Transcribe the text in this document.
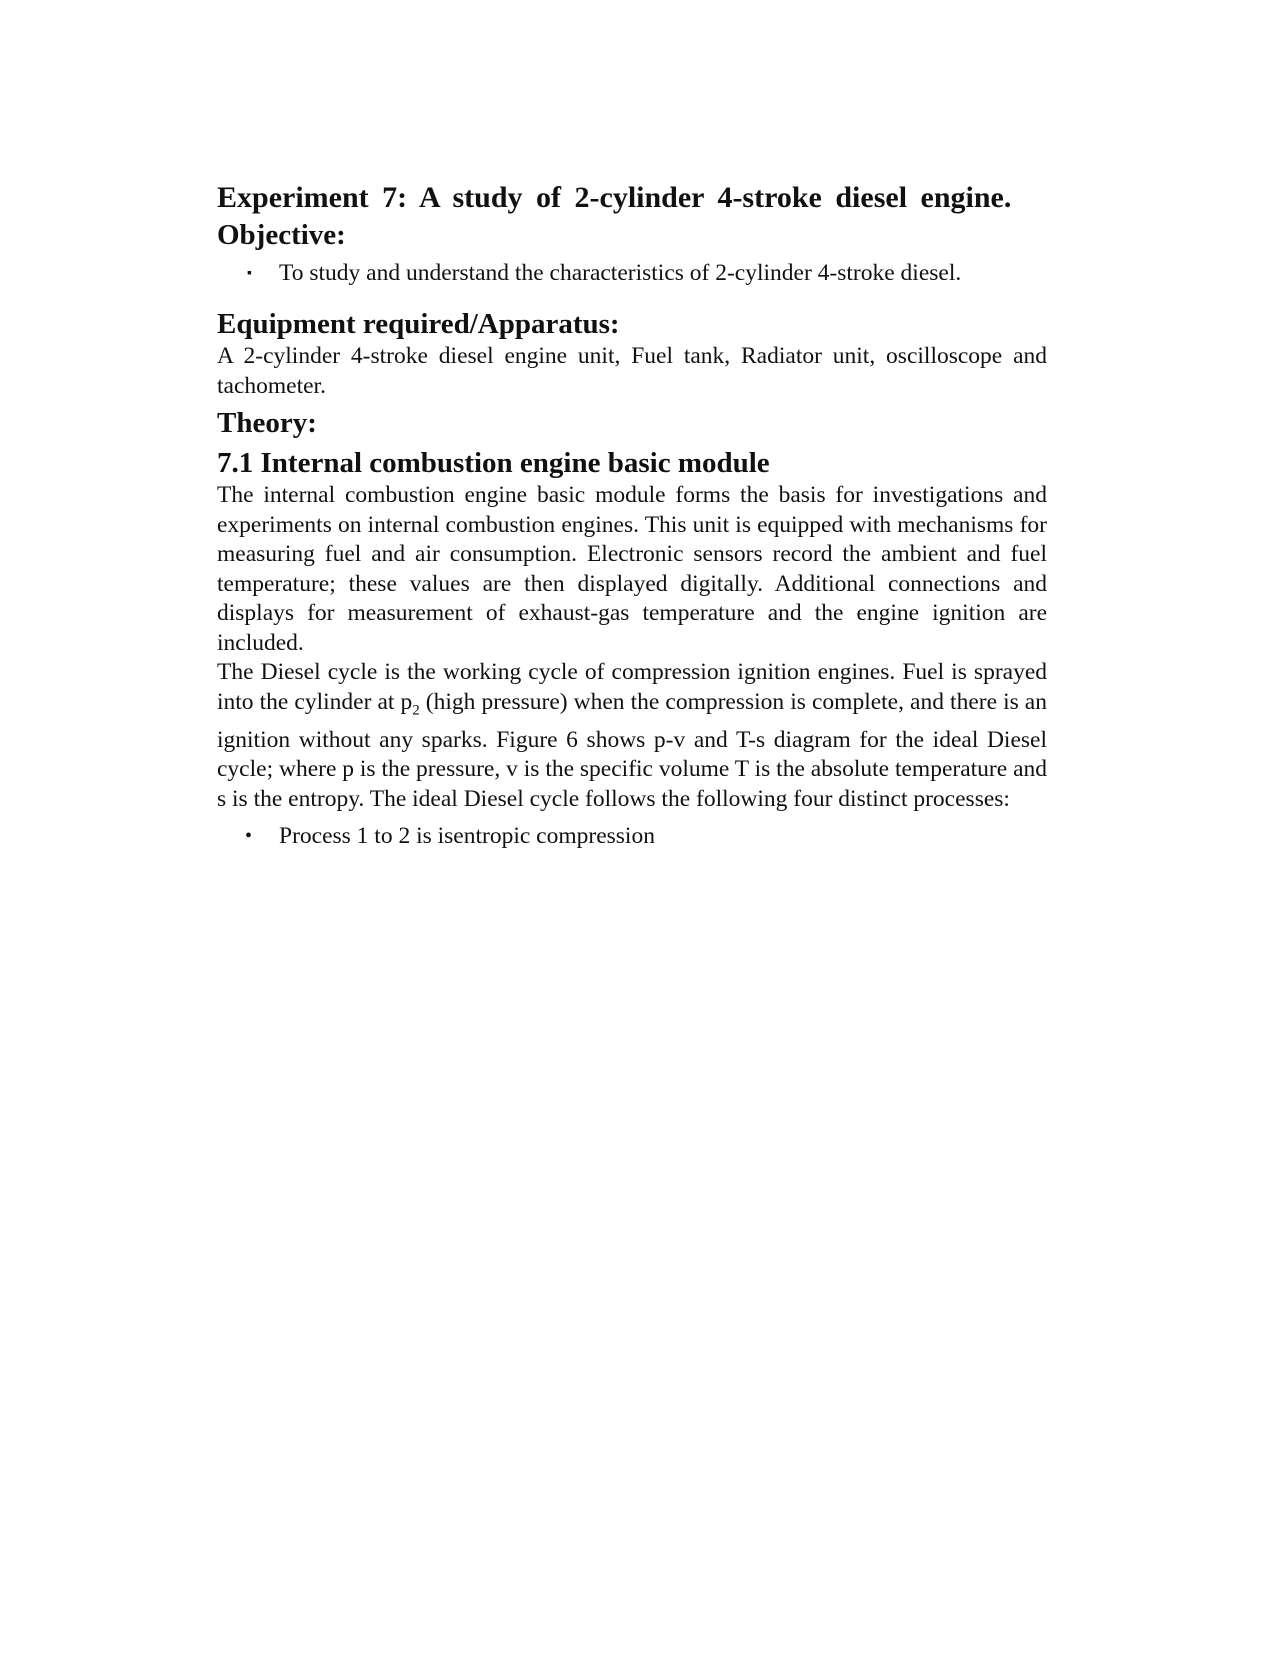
Experiment 7: A study of 2-cylinder 4-stroke diesel engine.
Objective:
▪ To study and understand the characteristics of 2-cylinder 4-stroke diesel.
Equipment required/Apparatus:

A 2-cylinder 4-stroke diesel engine unit, Fuel tank, Radiator unit, oscilloscope and tachometer.

Theory:
7.1 Internal combustion engine basic module

The internal combustion engine basic module forms the basis for investigations and experiments on internal combustion engines. This unit is equipped with mechanisms for measuring fuel and air consumption. Electronic sensors record the ambient and fuel temperature; these values are then displayed digitally. Additional connections and displays for measurement of exhaust-gas temperature and the engine ignition are included.

The Diesel cycle is the working cycle of compression ignition engines. Fuel is sprayed into the cylinder at $p_2$ (high pressure) when the compression is complete, and there is an ignition without any sparks. Figure 6 shows p-v and T-s diagram for the ideal Diesel cycle; where p is the pressure, v is the specific volume T is the absolute temperature and s is the entropy. The ideal Diesel cycle follows the following four distinct processes:

• Process 1 to 2 is isentropic compression
